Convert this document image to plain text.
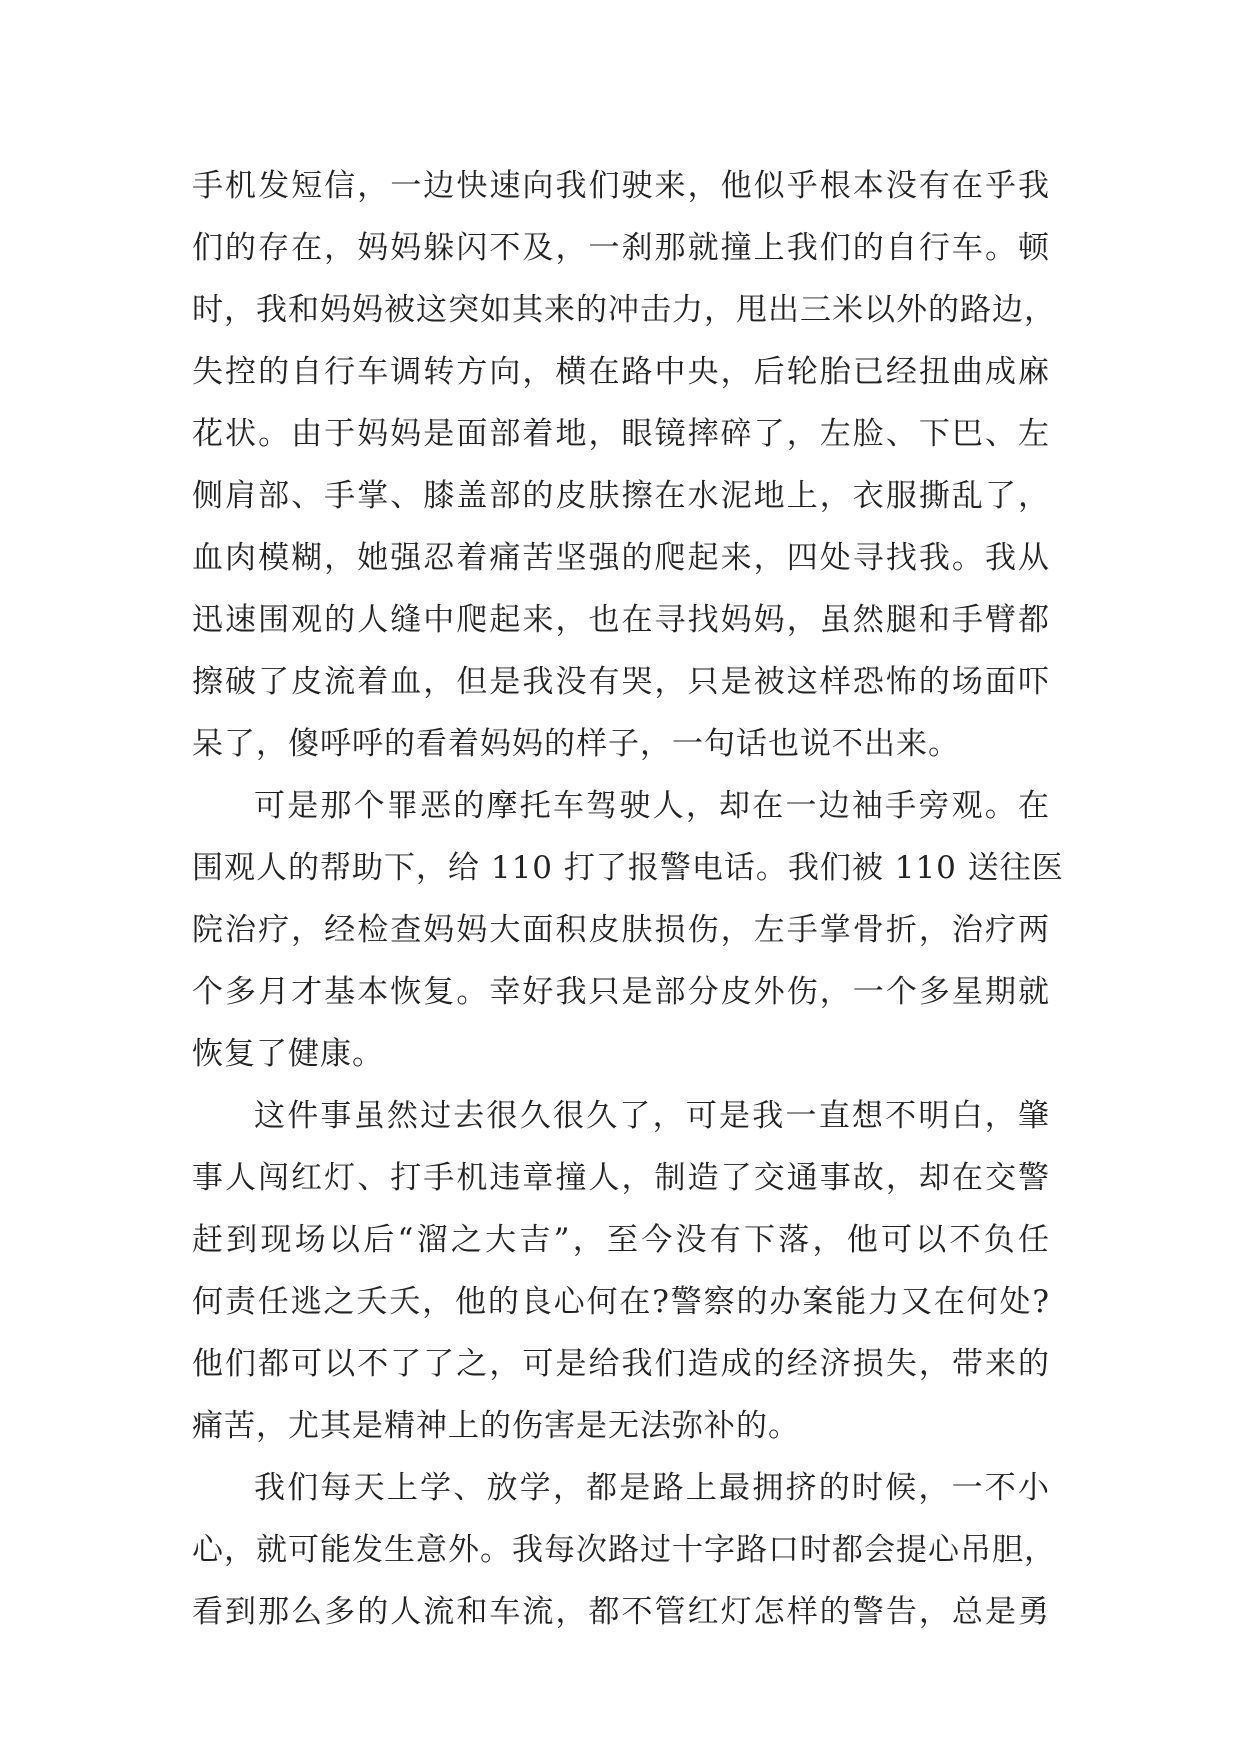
手机发短信，一边快速向我们驶来，他似乎根本没有在乎我
们的存在，妈妈躲闪不及，一刹那就撞上我们的自行车。顿
时，我和妈妈被这突如其来的冲击力，甩出三米以外的路边，
失控的自行车调转方向，横在路中央，后轮胎已经扭曲成麻
花状。由于妈妈是面部着地，眼镜摔碎了，左脸、下巴、左
侧肩部、手掌、膝盖部的皮肤擦在水泥地上，衣服撕乱了，
血肉模糊，她强忍着痛苦坚强的爬起来，四处寻找我。我从
迅速围观的人缝中爬起来，也在寻找妈妈，虽然腿和手臂都
擦破了皮流着血，但是我没有哭，只是被这样恐怖的场面吓
呆了，傻呼呼的看着妈妈的样子，一句话也说不出来。
可是那个罪恶的摩托车驾驶人，却在一边袖手旁观。在
围观人的帮助下，给 110 打了报警电话。我们被 110 送往医
院治疗，经检查妈妈大面积皮肤损伤，左手掌骨折，治疗两
个多月才基本恢复。幸好我只是部分皮外伤，一个多星期就
恢复了健康。
这件事虽然过去很久很久了，可是我一直想不明白，肇
事人闯红灯、打手机违章撞人，制造了交通事故，却在交警
赶到现场以后“溜之大吉”，至今没有下落，他可以不负任
何责任逃之夭夭，他的良心何在?警察的办案能力又在何处?
他们都可以不了了之，可是给我们造成的经济损失，带来的
痛苦，尤其是精神上的伤害是无法弥补的。
我们每天上学、放学，都是路上最拥挤的时候，一不小
心，就可能发生意外。我每次路过十字路口时都会提心吊胆，
看到那么多的人流和车流，都不管红灯怎样的警告，总是勇
